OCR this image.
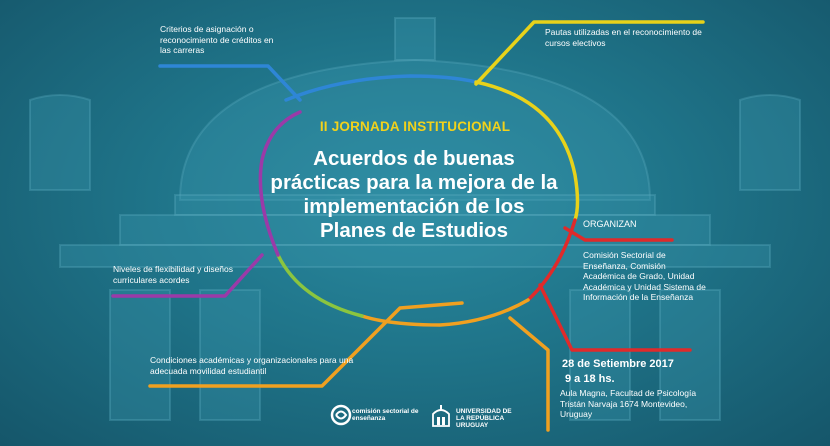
Criterios de asignación o reconocimiento de créditos en las carreras

Pautas utilizadas en el reconocimiento de cursos electivos

Niveles de flexibilidad y diseños curriculares acordes

Condiciones académicas y organizacionales para una adecuada movilidad estudiantil

II JORNADA INSTITUCIONAL

Acuerdos de buenas prácticas para la mejora de la implementación de los Planes de Estudios	ORGANIZAN

Comisión Sectorial de Enseñanza, Comisión Académica de Grado, Unidad Académica y Unidad Sistema de Información de la Enseñanza

28 de Setiembre 2017

9 a 18 hs.

Aula Magna, Facultad de Psicología Tristán Narvaja 1674 Montevideo, Uruguay

comisión sectorial de enseñanza
UNIVERSIDAD DE LA REPÚBLICA URUGUAY
